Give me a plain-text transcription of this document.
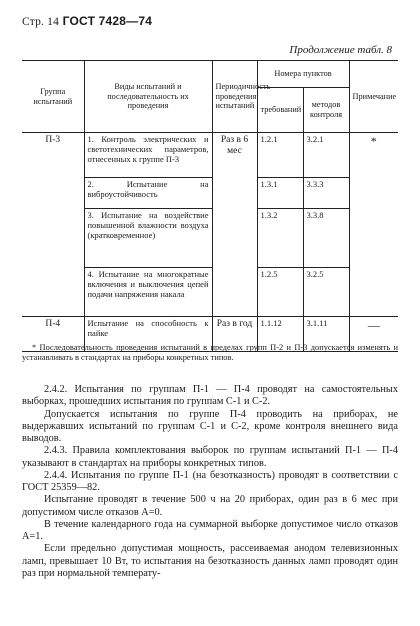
Стр. 14 ГОСТ 7428—74
Продолжение табл. 8
Группа испытаний	Виды испытаний и последовательность их проведения	Периодичность проведения испытаний	Номера пунктов		Примечание
			требований	методов контроля	
П-3	1. Контроль электрических и светотехнических параметров, отнесенных к группе П-3	Раз в 6 мес	1.2.1	3.2.1	*
	2. Испытание на виброустойчивость		1.3.1	3.3.3	
	3. Испытание на воздействие повышенной влажности воздуха (кратковременное)		1.3.2	3.3.8	
	4. Испытание на многократные включения и выключения цепей подачи напряжения накала		1.2.5	3.2.5	
П-4	Испытание на способность к пайке	Раз в год	1.1.12	3.1.11	—
* Последовательность проведения испытаний в пределах групп П-2 и П-3 допускается изменять и устанавливать в стандартах на приборы конкретных типов.

2.4.2. Испытания по группам П-1 — П-4 проводят на самостоятельных выборках, прошедших испытания по группам С-1 и С-2.

Допускается испытания по группе П-4 проводить на приборах, не выдержавших испытаний по группам С-1 и С-2, кроме контроля внешнего вида выводов.

2.4.3. Правила комплектования выборок по группам испытаний П-1 — П-4 указывают в стандартах на приборы конкретных типов.

2.4.4. Испытания по группе П-1 (на безотказность) проводят в соответствии с ГОСТ 25359—82.

Испытание проводят в течение 500 ч на 20 приборах, один раз в 6 мес при допустимом числе отказов A=0.

В течение календарного года на суммарной выборке допустимое число отказов A=1.

Если предельно допустимая мощность, рассеиваемая анодом телевизионных ламп, превышает 10 Вт, то испытания на безотказность данных ламп проводят один раз при нормальной температу-
